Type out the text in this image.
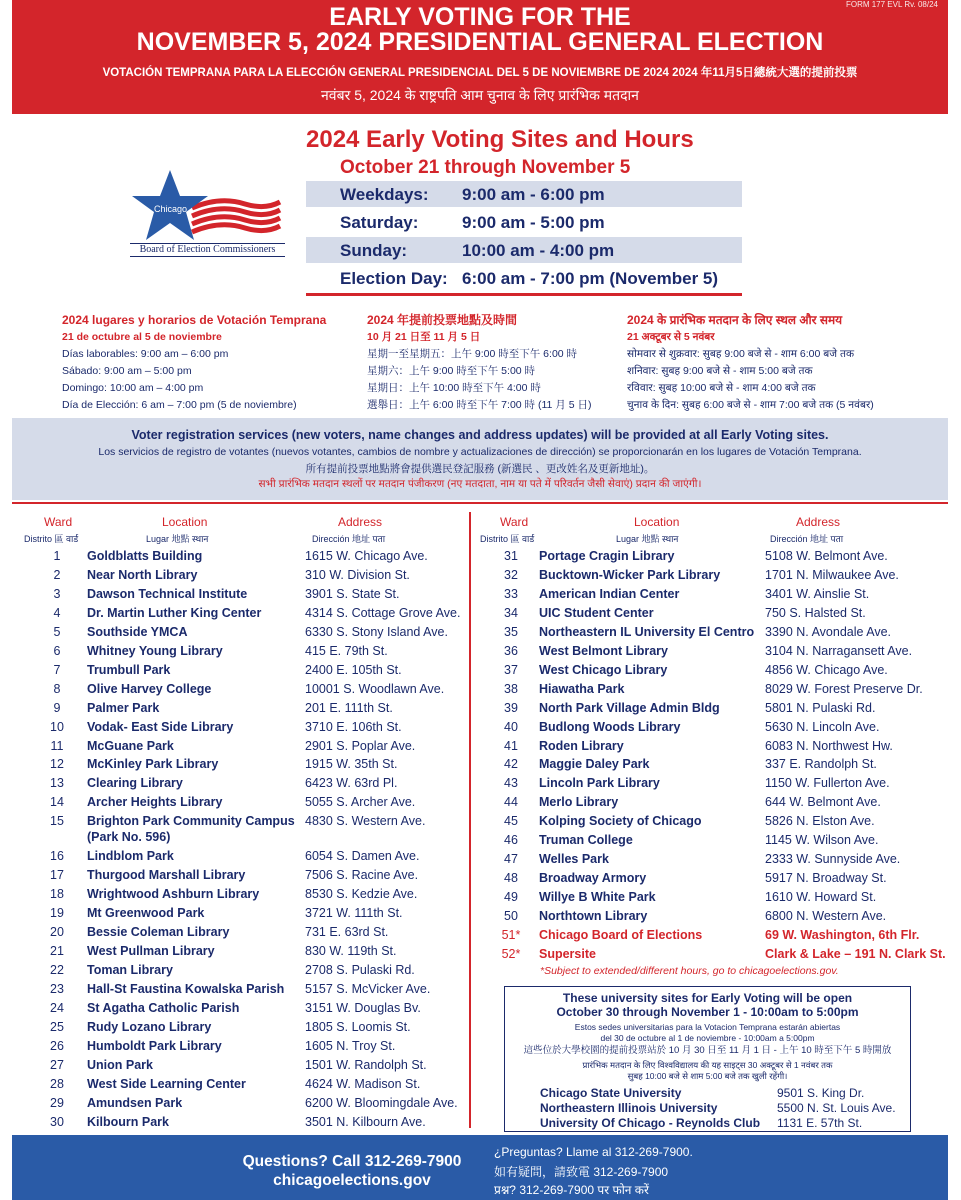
FORM 177 EVL Rv. 08/24
EARLY VOTING FOR THE
NOVEMBER 5, 2024 PRESIDENTIAL GENERAL ELECTION
VOTACIÓN TEMPRANA PARA LA ELECCIÓN GENERAL PRESIDENCIAL DEL 5 DE NOVIEMBRE DE 2024 2024 年11月5日總統大選的提前投票
नवंबर 5, 2024 के राष्ट्रपति आम चुनाव के लिए प्रारंभिक मतदान
Chicago
Board of Election Commissioners
2024 Early Voting Sites and Hours
October 21 through November 5
Weekdays: 9:00 am - 6:00 pm
Saturday:	9:00 am - 5:00 pm
Sunday:	10:00 am - 4:00 pm
Election Day: 6:00 am - 7:00 pm (November 5)
2024 lugares y horarios de Votación Temprana
21 de octubre al 5 de noviembre
Días laborables: 9:00 am – 6:00 pm
Sábado: 9:00 am – 5:00 pm
Domingo: 10:00 am – 4:00 pm
Día de Elección: 6 am – 7:00 pm (5 de noviembre)
2024 年提前投票地點及時間
10 月 21 日至 11 月 5 日
星期一至星期五：上午 9:00 時至下午 6:00 時
星期六：上午 9:00 時至下午 5:00 時
星期日：上午 10:00 時至下午 4:00 時
選舉日：上午 6:00 時至下午 7:00 時 (11 月 5 日)
2024 के प्रारंभिक मतदान के लिए स्थल और समय
21 अक्टूबर से 5 नवंबर
सोमवार से शुक्रवार: सुबह 9:00 बजे से - शाम 6:00 बजे तक
शनिवार: सुबह 9:00 बजे से - शाम 5:00 बजे तक
रविवार: सुबह 10:00 बजे से - शाम 4:00 बजे तक
चुनाव के दिन: सुबह 6:00 बजे से - शाम 7:00 बजे तक (5 नवंबर)
Voter registration services (new voters, name changes and address updates) will be provided at all Early Voting sites.
Los servicios de registro de votantes (nuevos votantes, cambios de nombre y actualizaciones de dirección) se proporcionarán en los lugares de Votación Temprana.
所有提前投票地點將會提供選民登記服務 (新選民 、更改姓名及更新地址)。
सभी प्रारंभिक मतदान स्थलों पर मतदान पंजीकरण (नए मतदाता, नाम या पते में परिवर्तन जैसी सेवाएं) प्रदान की जाएंगी।
Ward
Distrito 區 वार्ड
Location
Lugar 地點 स्थान
Address
Dirección 地址 पता
Ward
Distrito 區 वार्ड
Location
Lugar 地點 स्थान
Address
Dirección 地址 पता
1	Goldblatts Building	1615 W. Chicago Ave.
2	Near North Library	310 W. Division St.
3	Dawson Technical Institute	3901 S. State St.
4	Dr. Martin Luther King Center	4314 S. Cottage Grove Ave.
5	Southside YMCA	6330 S. Stony Island Ave.
6	Whitney Young Library	415 E. 79th St.
7	Trumbull Park	2400 E. 105th St.
8	Olive Harvey College	10001 S. Woodlawn Ave.
9	Palmer Park	201 E. 111th St.
10	Vodak- East Side Library	3710 E. 106th St.
11	McGuane Park	2901 S. Poplar Ave.
12	McKinley Park Library	1915 W. 35th St.
13	Clearing Library	6423 W. 63rd Pl.
14	Archer Heights Library	5055 S. Archer Ave.
15	Brighton Park Community Campus 4830 S. Western Ave.
(Park No. 596)
16	Lindblom Park	6054 S. Damen Ave.
17	Thurgood Marshall Library	7506 S. Racine Ave.
18	Wrightwood Ashburn Library	8530 S. Kedzie Ave.
19	Mt Greenwood Park	3721 W. 111th St.
20	Bessie Coleman Library	731 E. 63rd St.
21	West Pullman Library	830 W. 119th St.
22	Toman Library	2708 S. Pulaski Rd.
23	Hall-St Faustina Kowalska Parish 5157 S. McVicker Ave.
24	St Agatha Catholic Parish	3151 W. Douglas Bv.
25	Rudy Lozano Library	1805 S. Loomis St.
26	Humboldt Park Library	1605 N. Troy St.
27	Union Park	1501 W. Randolph St.
28	West Side Learning Center	4624 W. Madison St.
29	Amundsen Park	6200 W. Bloomingdale Ave.
30	Kilbourn Park	3501 N. Kilbourn Ave.
31	Portage Cragin Library	5108 W. Belmont Ave.
32	Bucktown-Wicker Park Library	1701 N. Milwaukee Ave.
33	American Indian Center	3401 W. Ainslie St.
34	UIC Student Center	750 S. Halsted St.
35	Northeastern IL University El Centro 3390 N. Avondale Ave.
36	West Belmont Library	3104 N. Narragansett Ave.
37	West Chicago Library	4856 W. Chicago Ave.
38	Hiawatha Park	8029 W. Forest Preserve Dr.
39	North Park Village Admin Bldg	5801 N. Pulaski Rd.
40	Budlong Woods Library	5630 N. Lincoln Ave.
41	Roden Library	6083 N. Northwest Hw.
42	Maggie Daley Park	337 E. Randolph St.
43	Lincoln Park Library	1150 W. Fullerton Ave.
44	Merlo Library	644 W. Belmont Ave.
45	Kolping Society of Chicago	5826 N. Elston Ave.
46	Truman College	1145 W. Wilson Ave.
47	Welles Park	2333 W. Sunnyside Ave.
48	Broadway Armory	5917 N. Broadway St.
49	Willye B White Park	1610 W. Howard St.
50	Northtown Library	6800 N. Western Ave.
51*	Chicago Board of Elections	69 W. Washington, 6th Flr.
52*	Supersite	Clark & Lake – 191 N. Clark St.
*Subject to extended/different hours, go to chicagoelections.gov.
These university sites for Early Voting will be open
October 30 through November 1 - 10:00am to 5:00pm
Estos sedes universitarias para la Votacion Temprana estarán abiertas
del 30 de octubre al 1 de noviembre - 10:00am a 5:00pm
這些位於大學校園的提前投票站於 10 月 30 日至 11 月 1 日 - 上午 10 時至下午 5 時開放
प्रारंभिक मतदान के लिए विश्वविद्यालय की यह साइट्स 30 अक्टूबर से 1 नवंबर तक
सुबह 10:00 बजे से शाम 5:00 बजे तक खुली रहेंगी।
Chicago State University	9501 S. King Dr.
Northeastern Illinois University	5500 N. St. Louis Ave.
University Of Chicago - Reynolds Club 1131 E. 57th St.
Questions? Call 312-269-7900
chicagoelections.gov
¿Preguntas? Llame al 312-269-7900.
如有疑問，請致電 312-269-7900
प्रश्न? 312-269-7900 पर फोन करें
